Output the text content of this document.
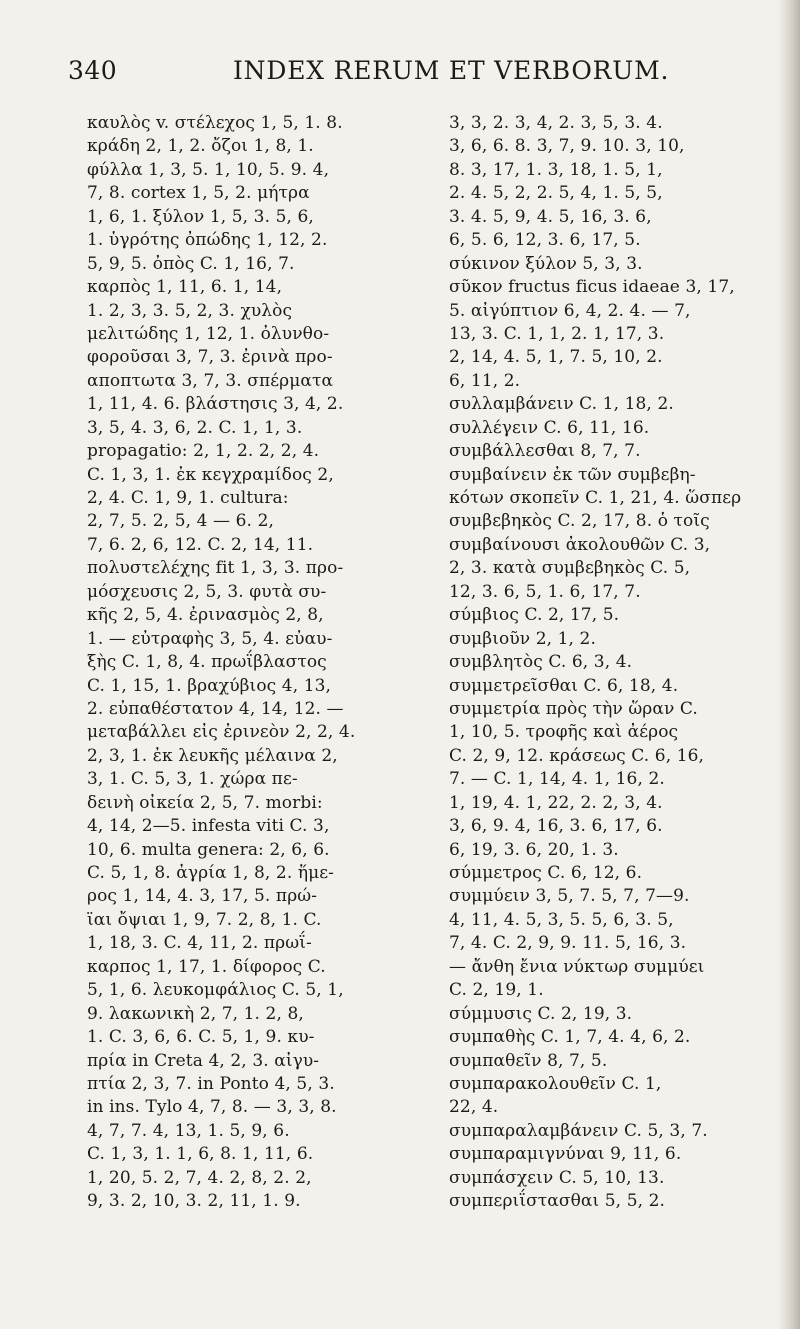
340	INDEX RERUM ET VERBORUM.
καυλὸς v. στέλεχος 1, 5, 1. 8.
κράδη 2, 1, 2. ὄζοι 1, 8, 1.
φύλλα 1, 3, 5. 1, 10, 5. 9. 4,
7, 8. cortex 1, 5, 2. μήτρα
1, 6, 1. ξύλον 1, 5, 3. 5, 6,
1. ὑγρότης ὀπώδης 1, 12, 2.
5, 9, 5. ὀπὸς C. 1, 16, 7.
καρπὸς 1, 11, 6. 1, 14,
1. 2, 3, 3. 5, 2, 3. χυλὸς
μελιτώδης 1, 12, 1. ὀλυνθο-
φοροῦσαι 3, 7, 3. ἐρινὰ προ-
αποπτωτα 3, 7, 3. σπέρματα
1, 11, 4. 6. βλάστησις 3, 4, 2.
3, 5, 4. 3, 6, 2. C. 1, 1, 3.
propagatio: 2, 1, 2. 2, 2, 4.
C. 1, 3, 1. ἐκ κεγχραμίδος 2,
2, 4. C. 1, 9, 1. cultura:
2, 7, 5. 2, 5, 4 — 6. 2,
7, 6. 2, 6, 12. C. 2, 14, 11.
πολυστελέχης fit 1, 3, 3. προ-
μόσχευσις 2, 5, 3. φυτὰ συ-
κῆς 2, 5, 4. ἐρινασμὸς 2, 8,
1. — εὐτραφὴς 3, 5, 4. εὐαυ-
ξὴς C. 1, 8, 4. πρωΐβλαστος
C. 1, 15, 1. βραχύβιος 4, 13,
2. εὐπαθέστατον 4, 14, 12. —
μεταβάλλει εἰς ἐρινεὸν 2, 2, 4.
2, 3, 1. ἐκ λευκῆς μέλαινα 2,
3, 1. C. 5, 3, 1. χώρα πε-
δεινὴ οἰκεία 2, 5, 7. morbi:
4, 14, 2—5. infesta viti C. 3,
10, 6. multa genera: 2, 6, 6.
C. 5, 1, 8. ἀγρία 1, 8, 2. ἥμε-
ρος 1, 14, 4. 3, 17, 5. πρώ-
ϊαι ὄψιαι 1, 9, 7. 2, 8, 1. C.
1, 18, 3. C. 4, 11, 2. πρωΐ-
καρπος 1, 17, 1. δίφορος C.
5, 1, 6. λευκομφάλιος C. 5, 1,
9. λακωνικὴ 2, 7, 1. 2, 8,
1. C. 3, 6, 6. C. 5, 1, 9. κυ-
πρία in Creta 4, 2, 3. αἰγυ-
πτία 2, 3, 7. in Ponto 4, 5, 3.
in ins. Tylo 4, 7, 8. — 3, 3, 8.
4, 7, 7. 4, 13, 1. 5, 9, 6.
C. 1, 3, 1. 1, 6, 8. 1, 11, 6.
1, 20, 5. 2, 7, 4. 2, 8, 2. 2,
9, 3. 2, 10, 3. 2, 11, 1. 9.
3, 3, 2. 3, 4, 2. 3, 5, 3. 4.
3, 6, 6. 8. 3, 7, 9. 10. 3, 10,
8. 3, 17, 1. 3, 18, 1. 5, 1,
2. 4. 5, 2, 2. 5, 4, 1. 5, 5,
3. 4. 5, 9, 4. 5, 16, 3. 6,
6, 5. 6, 12, 3. 6, 17, 5.
σύκινον ξύλον 5, 3, 3.
σῦκον fructus ficus idaeae 3, 17,
5. αἰγύπτιον 6, 4, 2. 4. — 7,
13, 3. C. 1, 1, 2. 1, 17, 3.
2, 14, 4. 5, 1, 7. 5, 10, 2.
6, 11, 2.
συλλαμβάνειν C. 1, 18, 2.
συλλέγειν C. 6, 11, 16.
συμβάλλεσθαι 8, 7, 7.
συμβαίνειν ἐκ τῶν συμβεβη-
κότων σκοπεῖν C. 1, 21, 4. ὥσπερ
συμβεβηκὸς C. 2, 17, 8. ὁ τοῖς
συμβαίνουσι ἀκολουθῶν C. 3,
2, 3. κατὰ συμβεβηκὸς C. 5,
12, 3. 6, 5, 1. 6, 17, 7.
σύμβιος C. 2, 17, 5.
συμβιοῦν 2, 1, 2.
συμβλητὸς C. 6, 3, 4.
συμμετρεῖσθαι C. 6, 18, 4.
συμμετρία πρὸς τὴν ὥραν C.
1, 10, 5. τροφῆς καὶ ἀέρος
C. 2, 9, 12. κράσεως C. 6, 16,
7. — C. 1, 14, 4. 1, 16, 2.
1, 19, 4. 1, 22, 2. 2, 3, 4.
3, 6, 9. 4, 16, 3. 6, 17, 6.
6, 19, 3. 6, 20, 1. 3.
σύμμετρος C. 6, 12, 6.
συμμύειν 3, 5, 7. 5, 7, 7—9.
4, 11, 4. 5, 3, 5. 5, 6, 3. 5,
7, 4. C. 2, 9, 9. 11. 5, 16, 3.
— ἄνθη ἔνια νύκτωρ συμμύει
C. 2, 19, 1.
σύμμυσις C. 2, 19, 3.
συμπαθὴς C. 1, 7, 4. 4, 6, 2.
συμπαθεῖν 8, 7, 5.
συμπαρακολουθεῖν C. 1,
22, 4.
συμπαραλαμβάνειν C. 5, 3, 7.
συμπαραμιγνύναι 9, 11, 6.
συμπάσχειν C. 5, 10, 13.
συμπεριΐστασθαι 5, 5, 2.
